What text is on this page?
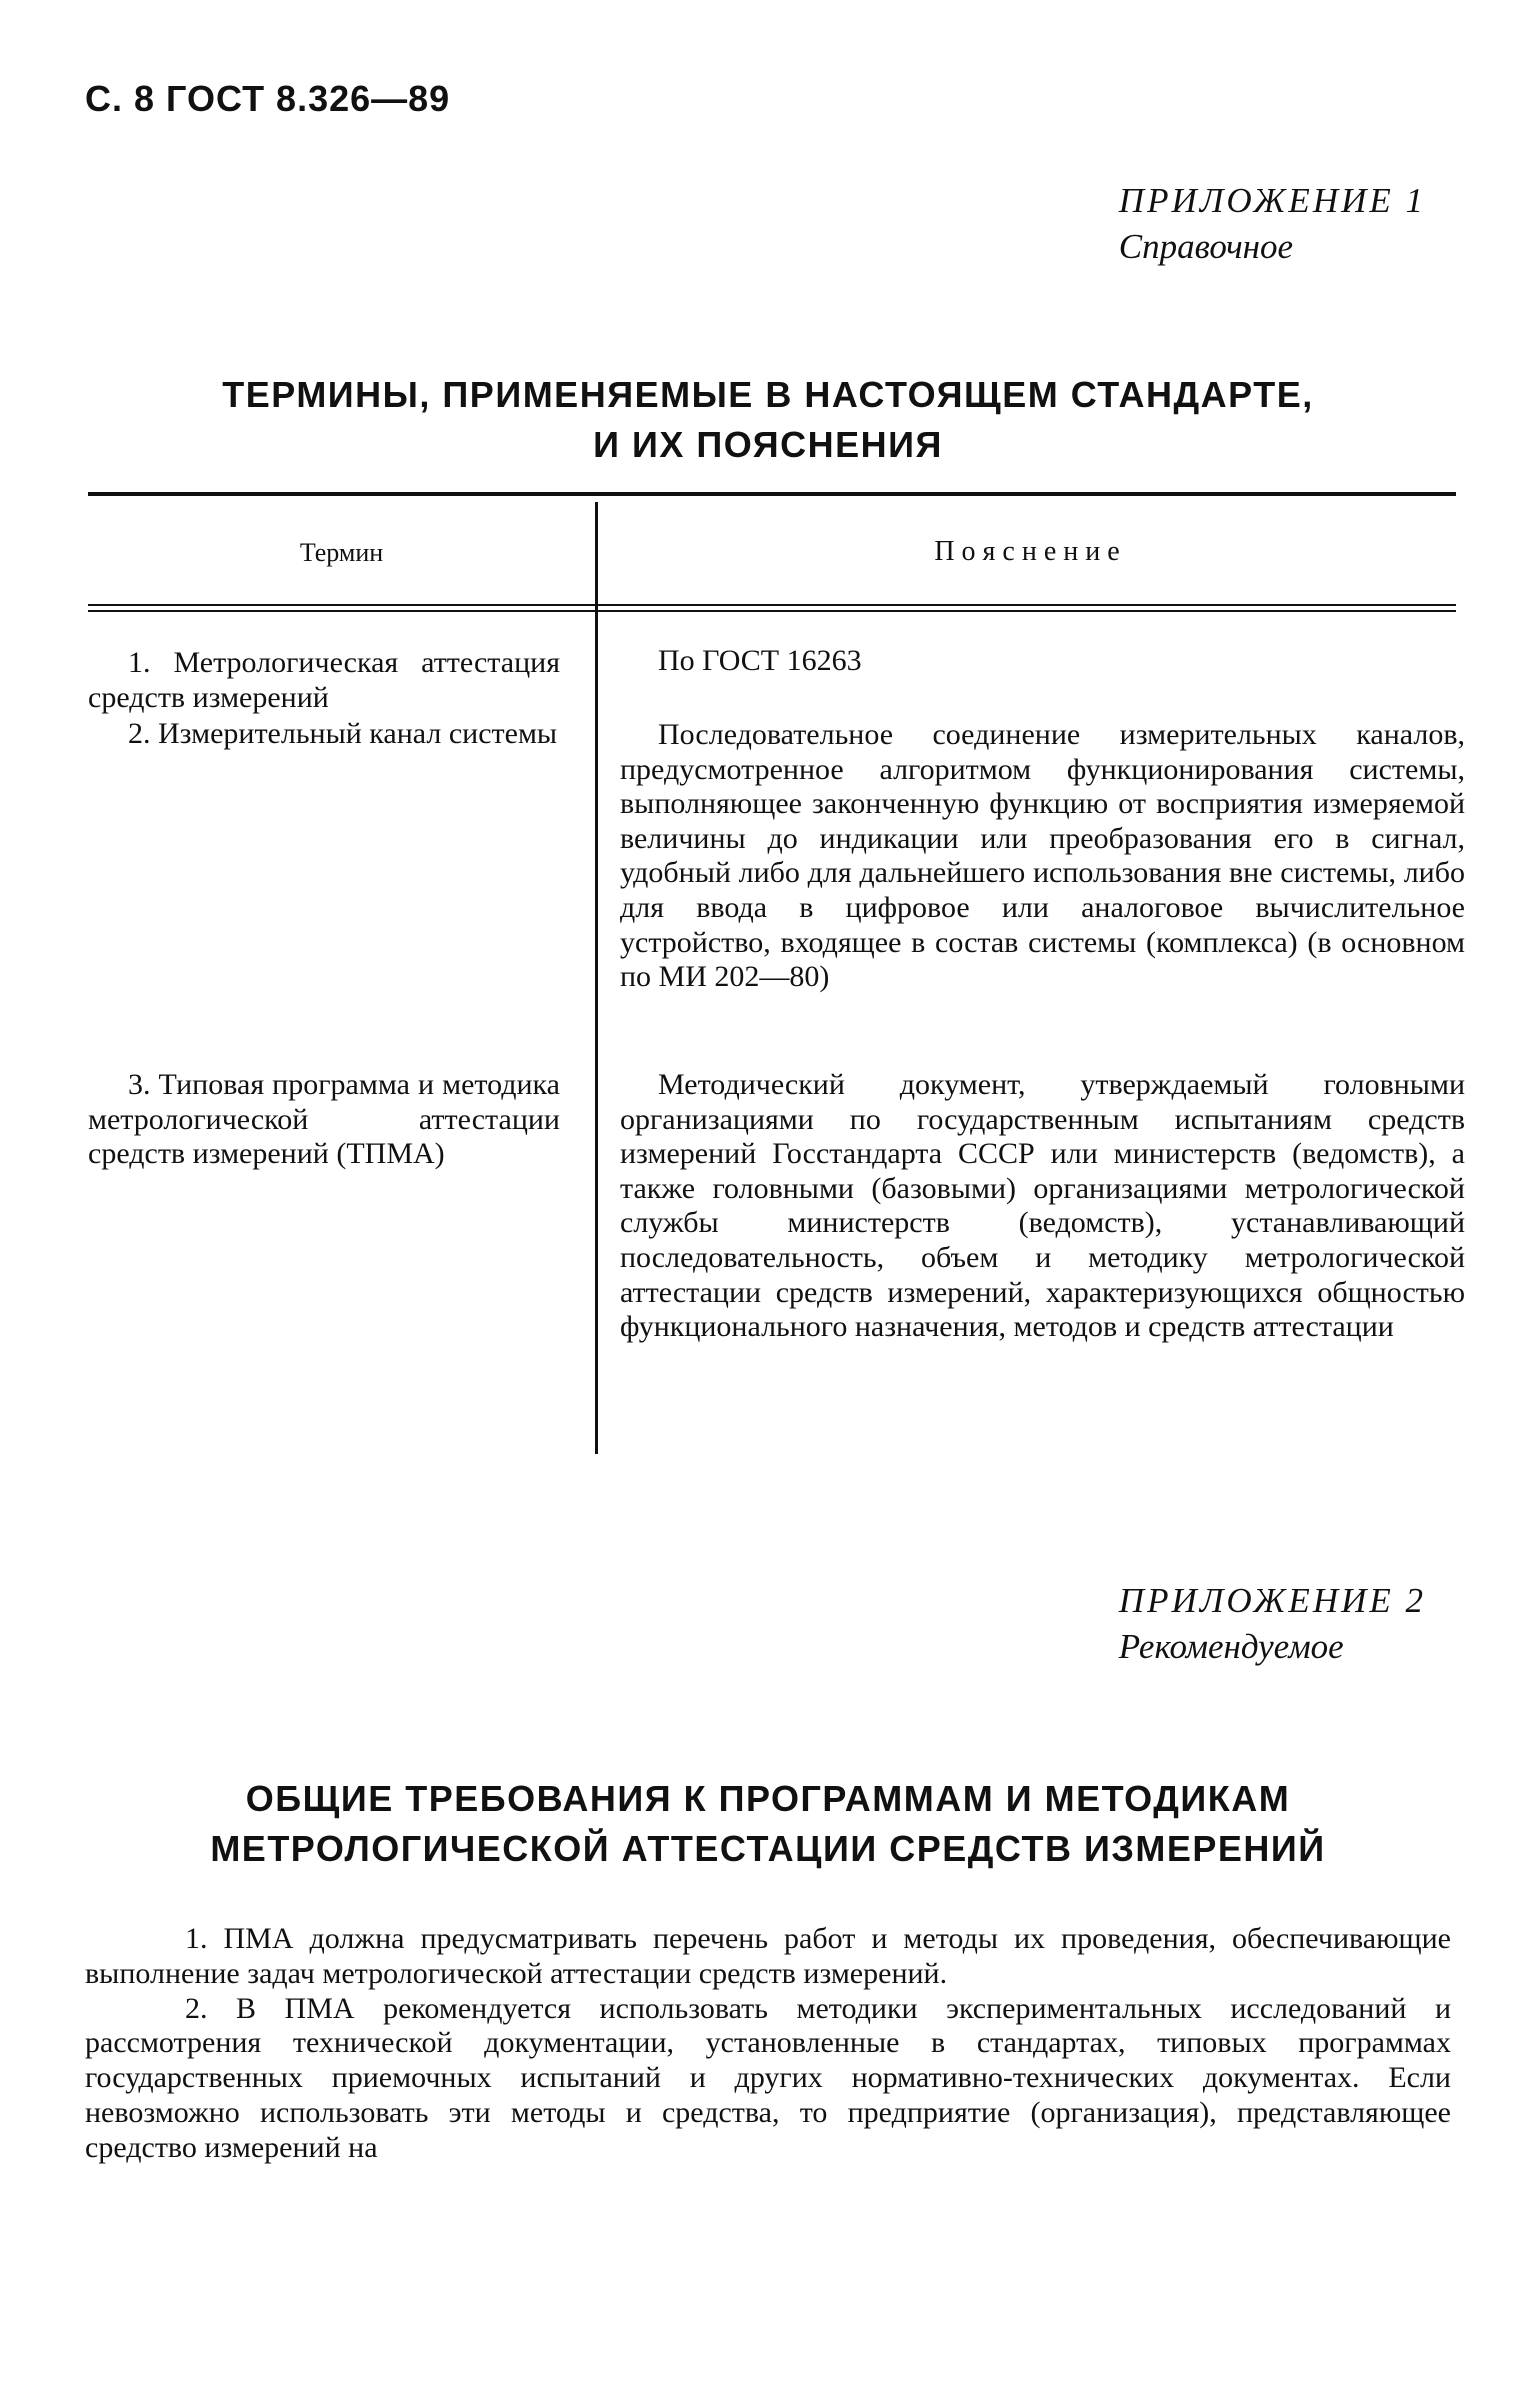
С. 8 ГОСТ 8.326—89
ПРИЛОЖЕНИЕ 1
Справочное
ТЕРМИНЫ, ПРИМЕНЯЕМЫЕ В НАСТОЯЩЕМ СТАНДАРТЕ,
И ИХ ПОЯСНЕНИЯ
Термин	П о я с н е н и е

1. Метрологическая аттестация средств измерений

По ГОСТ 16263

2. Измерительный канал системы	Последовательное соединение измерительных каналов, предусмотренное алгоритмом функционирования системы, выполняющее законченную функцию от восприятия измеряемой величины до индикации или преобразования его в сигнал, удобный либо для дальнейшего использования вне системы, либо для ввода в цифровое или аналоговое вычислительное устройство, входящее в состав системы (комплекса) (в основном по МИ 202—80)

3. Типовая программа и методика метрологической аттестации средств измерений (ТПМА)

Методический документ, утверждаемый головными организациями по государственным испытаниям средств измерений Госстандарта СССР или министерств (ведомств), а также головными (базовыми) организациями метрологической службы министерств (ведомств), устанавливающий последовательность, объем и методику метрологической аттестации средств измерений, характеризующихся общностью функционального назначения, методов и средств аттестации

ПРИЛОЖЕНИЕ 2
Рекомендуемое
ОБЩИЕ ТРЕБОВАНИЯ К ПРОГРАММАМ И МЕТОДИКАМ
МЕТРОЛОГИЧЕСКОЙ АТТЕСТАЦИИ СРЕДСТВ ИЗМЕРЕНИЙ

1. ПМА должна предусматривать перечень работ и методы их проведения, обеспечивающие выполнение задач метрологической аттестации средств измерений.

2. В ПМА рекомендуется использовать методики экспериментальных исследований и рассмотрения технической документации, установленные в стандартах, типовых программах государственных приемочных испытаний и других нормативно-технических документах. Если невозможно использовать эти методы и средства, то предприятие (организация), представляющее средство измерений на
